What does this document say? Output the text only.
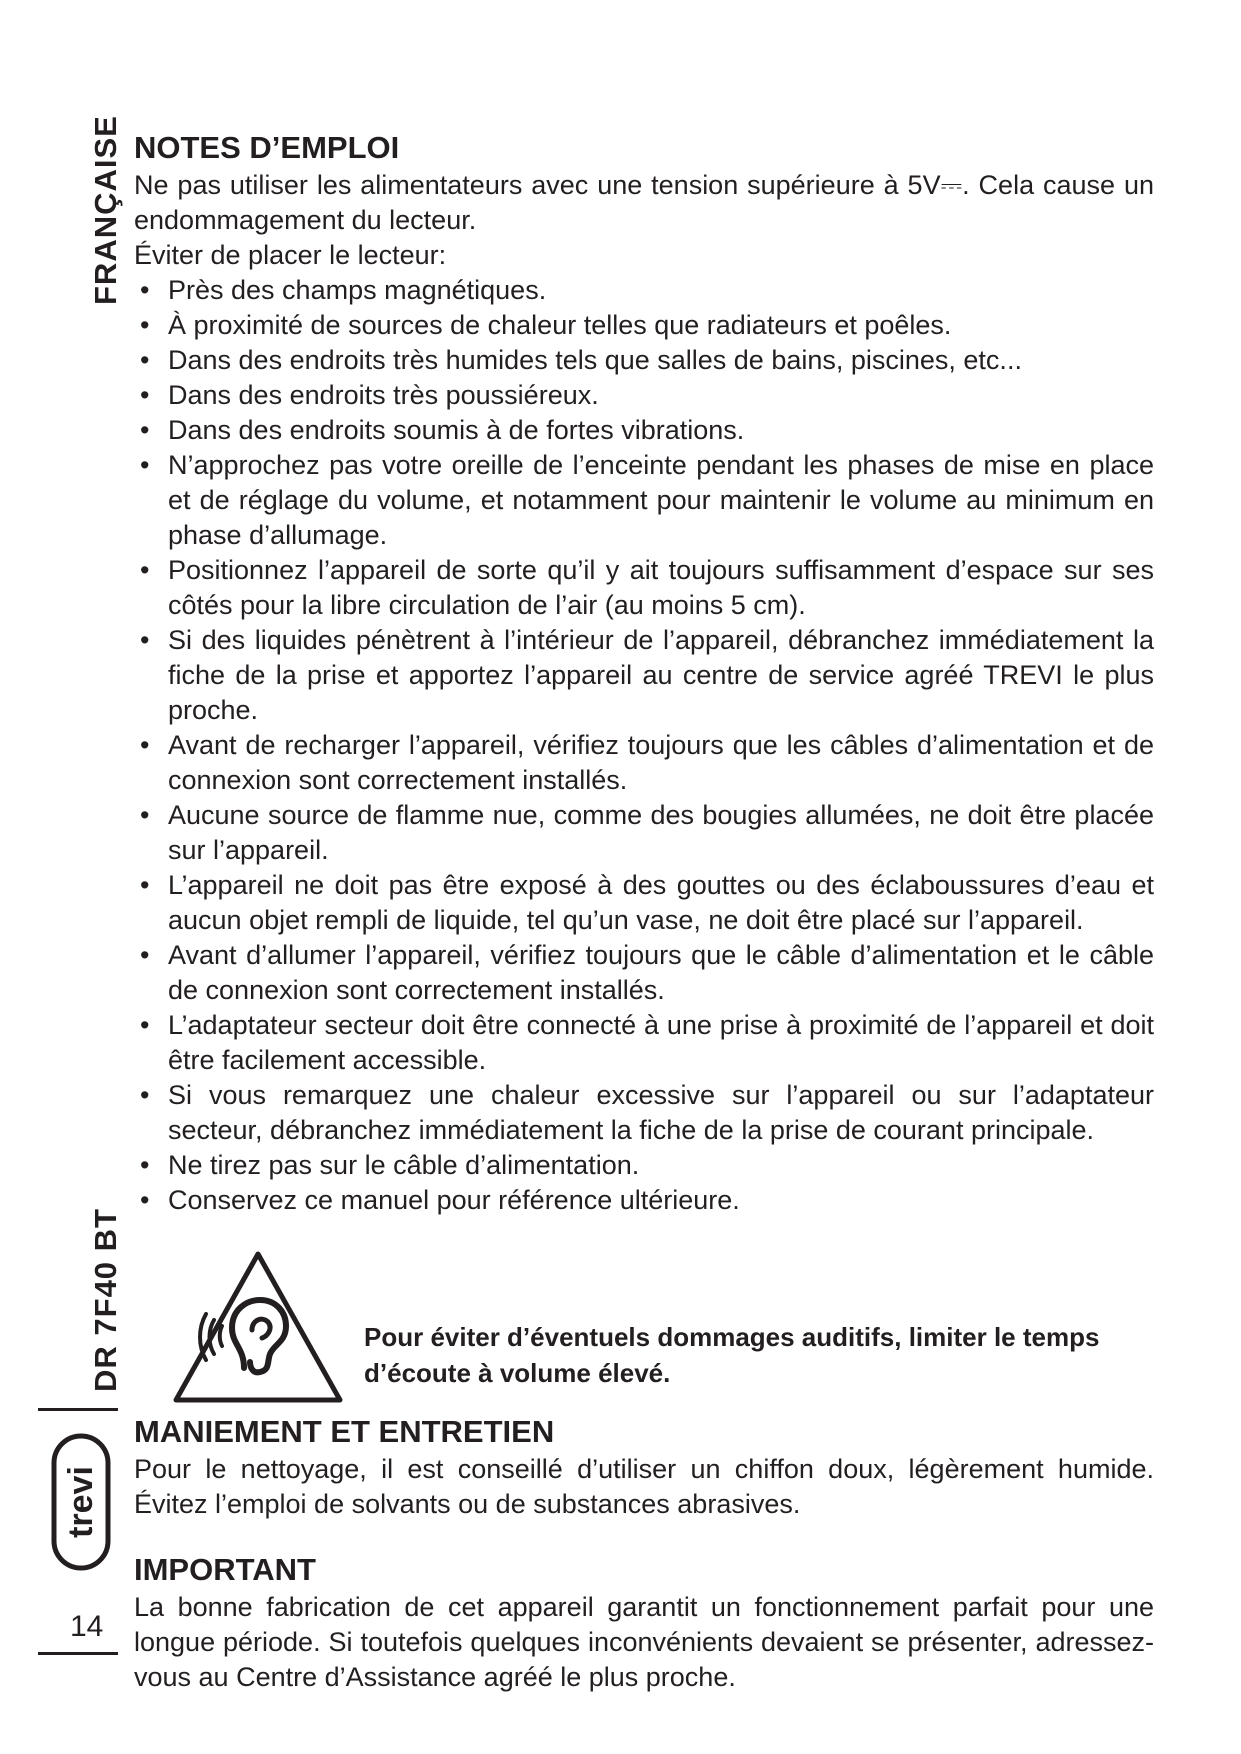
FRANÇAISE
DR 7F40 BT
trevi
14
NOTES D’EMPLOI

Ne pas utiliser les alimentateurs avec une tension supérieure à 5V⎓. Cela cause un endommagement du lecteur.

Éviter de placer le lecteur:

• Près des champs magnétiques.
• À proximité de sources de chaleur telles que radiateurs et poêles.
• Dans des endroits très humides tels que salles de bains, piscines, etc...
• Dans des endroits très poussiéreux.
• Dans des endroits soumis à de fortes vibrations.
• N’approchez pas votre oreille de l’enceinte pendant les phases de mise en place et de réglage du volume, et notamment pour maintenir le volume au minimum en phase d’allumage.
• Positionnez l’appareil de sorte qu’il y ait toujours suffisamment d’espace sur ses côtés pour la libre circulation de l’air (au moins 5 cm).
• Si des liquides pénètrent à l’intérieur de l’appareil, débranchez immédiatement la fiche de la prise et apportez l’appareil au centre de service agréé TREVI le plus proche.
• Avant de recharger l’appareil, vérifiez toujours que les câbles d’alimentation et de connexion sont correctement installés.
• Aucune source de flamme nue, comme des bougies allumées, ne doit être placée sur l’appareil.
• L’appareil ne doit pas être exposé à des gouttes ou des éclaboussures d’eau et aucun objet rempli de liquide, tel qu’un vase, ne doit être placé sur l’appareil.
• Avant d’allumer l’appareil, vérifiez toujours que le câble d’alimentation et le câble de connexion sont correctement installés.
• L’adaptateur secteur doit être connecté à une prise à proximité de l’appareil et doit être facilement accessible.
• Si vous remarquez une chaleur excessive sur l’appareil ou sur l’adaptateur secteur, débranchez immédiatement la fiche de la prise de courant principale.
• Ne tirez pas sur le câble d’alimentation.
• Conservez ce manuel pour référence ultérieure.
Pour éviter d’éventuels dommages auditifs, limiter le temps d’écoute à volume élevé.
MANIEMENT ET ENTRETIEN

Pour le nettoyage, il est conseillé d’utiliser un chiffon doux, légèrement humide. Évitez l’emploi de solvants ou de substances abrasives.

IMPORTANT

La bonne fabrication de cet appareil garantit un fonctionnement parfait pour une longue période. Si toutefois quelques inconvénients devaient se présenter, adressez-vous au Centre d’Assistance agréé le plus proche.
